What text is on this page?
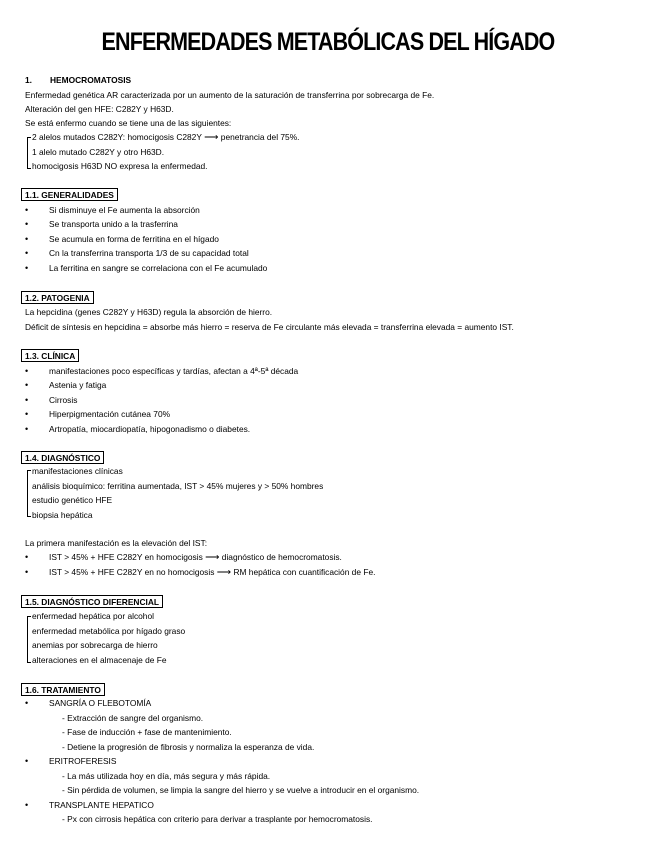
ENFERMEDADES METABÓLICAS DEL HÍGADO
1. HEMOCROMATOSIS
Enfermedad genética AR caracterizada por un aumento de la saturación de transferrina por sobrecarga de Fe.
Alteración del gen HFE: C282Y y H63D.
Se está enfermo cuando se tiene una de las siguientes:
2 alelos mutados C282Y: homocigosis C282Y ⟶ penetrancia del 75%.
1 alelo mutado C282Y y otro H63D.
homocigosis H63D NO expresa la enfermedad.
1.1. GENERALIDADES
• Si disminuye el Fe aumenta la absorción
• Se transporta unido a la trasferrina
• Se acumula en forma de ferritina en el hígado
• Cn la transferrina transporta 1/3 de su capacidad total
• La ferritina en sangre se correlaciona con el Fe acumulado
1.2. PATOGENIA
La hepcidina (genes C282Y y H63D) regula la absorción de hierro.
Déficit de síntesis en hepcidina = absorbe más hierro = reserva de Fe circulante más elevada = transferrina elevada = aumento IST.
1.3. CLÍNICA
• manifestaciones poco específicas y tardías, afectan a 4ª-5ª década
• Astenia y fatiga
• Cirrosis
• Hiperpigmentación cutánea 70%
• Artropatía, miocardiopatía, hipogonadismo o diabetes.
1.4. DIAGNÓSTICO
manifestaciones clínicas
análisis bioquímico: ferritina aumentada, IST > 45% mujeres y > 50% hombres
estudio genético HFE
biopsia hepática
La primera manifestación es la elevación del IST:
• IST > 45% + HFE C282Y en homocigosis ⟶ diagnóstico de hemocromatosis.
• IST > 45% + HFE C282Y en no homocigosis ⟶ RM hepática con cuantificación de Fe.
1.5. DIAGNÓSTICO DIFERENCIAL
enfermedad hepática por alcohol
enfermedad metabólica por hígado graso
anemias por sobrecarga de hierro
alteraciones en el almacenaje de Fe
1.6. TRATAMIENTO
• SANGRÍA O FLEBOTOMÍA
- Extracción de sangre del organismo.
- Fase de inducción + fase de mantenimiento.
- Detiene la progresión de fibrosis y normaliza la esperanza de vida.
• ERITROFERESIS
- La más utilizada hoy en día, más segura y más rápida.
- Sin pérdida de volumen, se limpia la sangre del hierro y se vuelve a introducir en el organismo.
• TRANSPLANTE HEPATICO
- Px con cirrosis hepática con criterio para derivar a trasplante por hemocromatosis.
